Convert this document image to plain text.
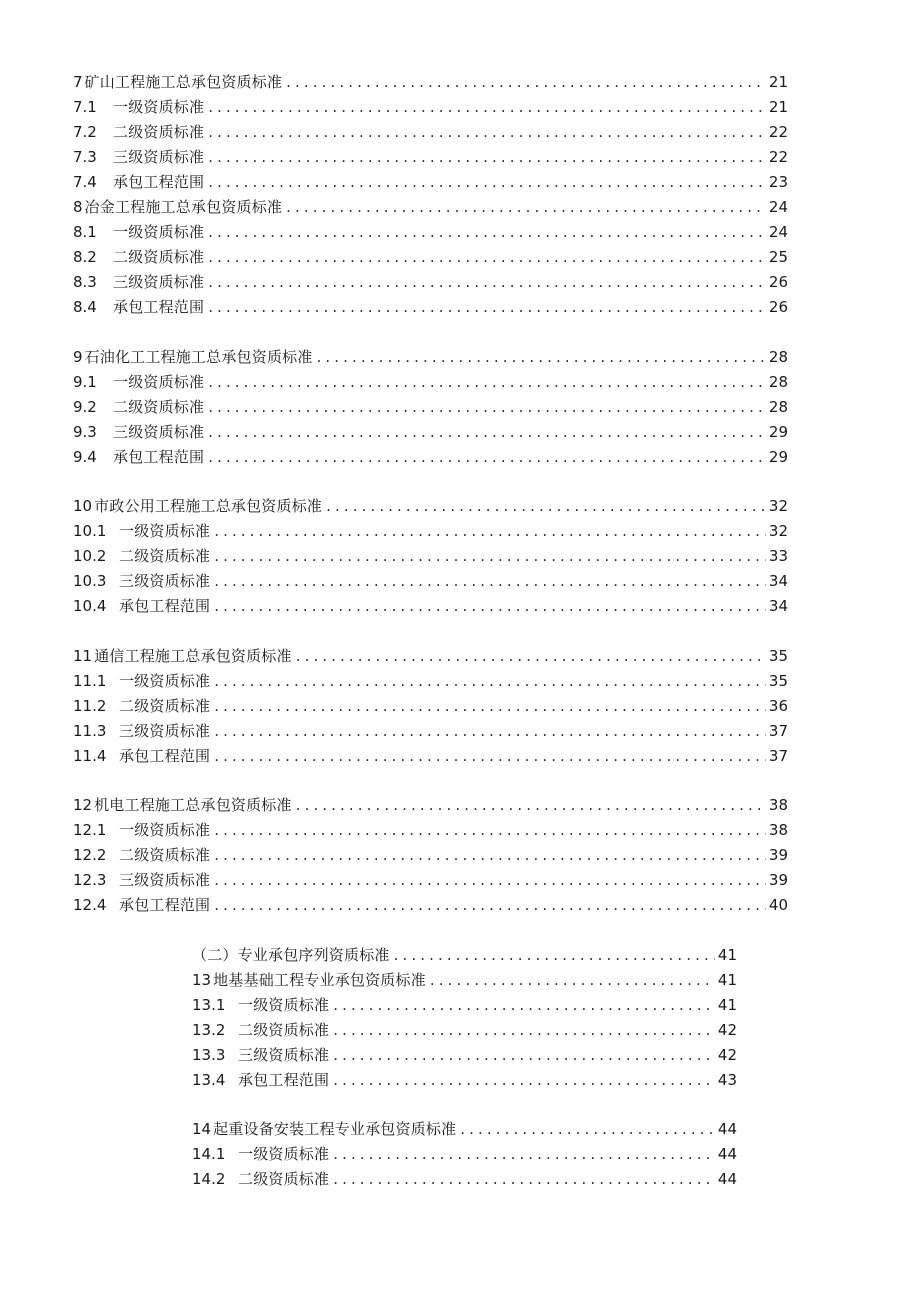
7 矿山工程施工总承包资质标准 .....	21
7.1	一级资质标准 .....	21
7.2	二级资质标准 .....	22
7.3	三级资质标准 .....	22
7.4	承包工程范围 .....	23
8 冶金工程施工总承包资质标准 .....	24
8.1	一级资质标准 .....	24
8.2	二级资质标准 .....	25
8.3	三级资质标准 .....	26
8.4	承包工程范围 .....	26
9 石油化工工程施工总承包资质标准 .....	28
9.1	一级资质标准 .....	28
9.2	二级资质标准 .....	28
9.3	三级资质标准 .....	29
9.4	承包工程范围 .....	29
10 市政公用工程施工总承包资质标准 .....	32
10.1 一级资质标准 .....	32
10.2 二级资质标准 .....	33
10.3 三级资质标准 .....	34
10.4 承包工程范围 .....	34
11 通信工程施工总承包资质标准 .....	35
11.1 一级资质标准 .....	35
11.2 二级资质标准 .....	36
11.3 三级资质标准 .....	37
11.4 承包工程范围 .....	37
12 机电工程施工总承包资质标准 .....	38
12.1 一级资质标准 .....	38
12.2 二级资质标准 .....	39
12.3 三级资质标准 .....	39
12.4 承包工程范围 .....	40
（二）专业承包序列资质标准 .....	41
13 地基基础工程专业承包资质标准 .....	41
13.1 一级资质标准 .....	41
13.2 二级资质标准 .....	42
13.3 三级资质标准 .....	42
13.4 承包工程范围 .....	43
14 起重设备安装工程专业承包资质标准 .....	44
14.1 一级资质标准 .....	44
14.2 二级资质标准 .....	44
